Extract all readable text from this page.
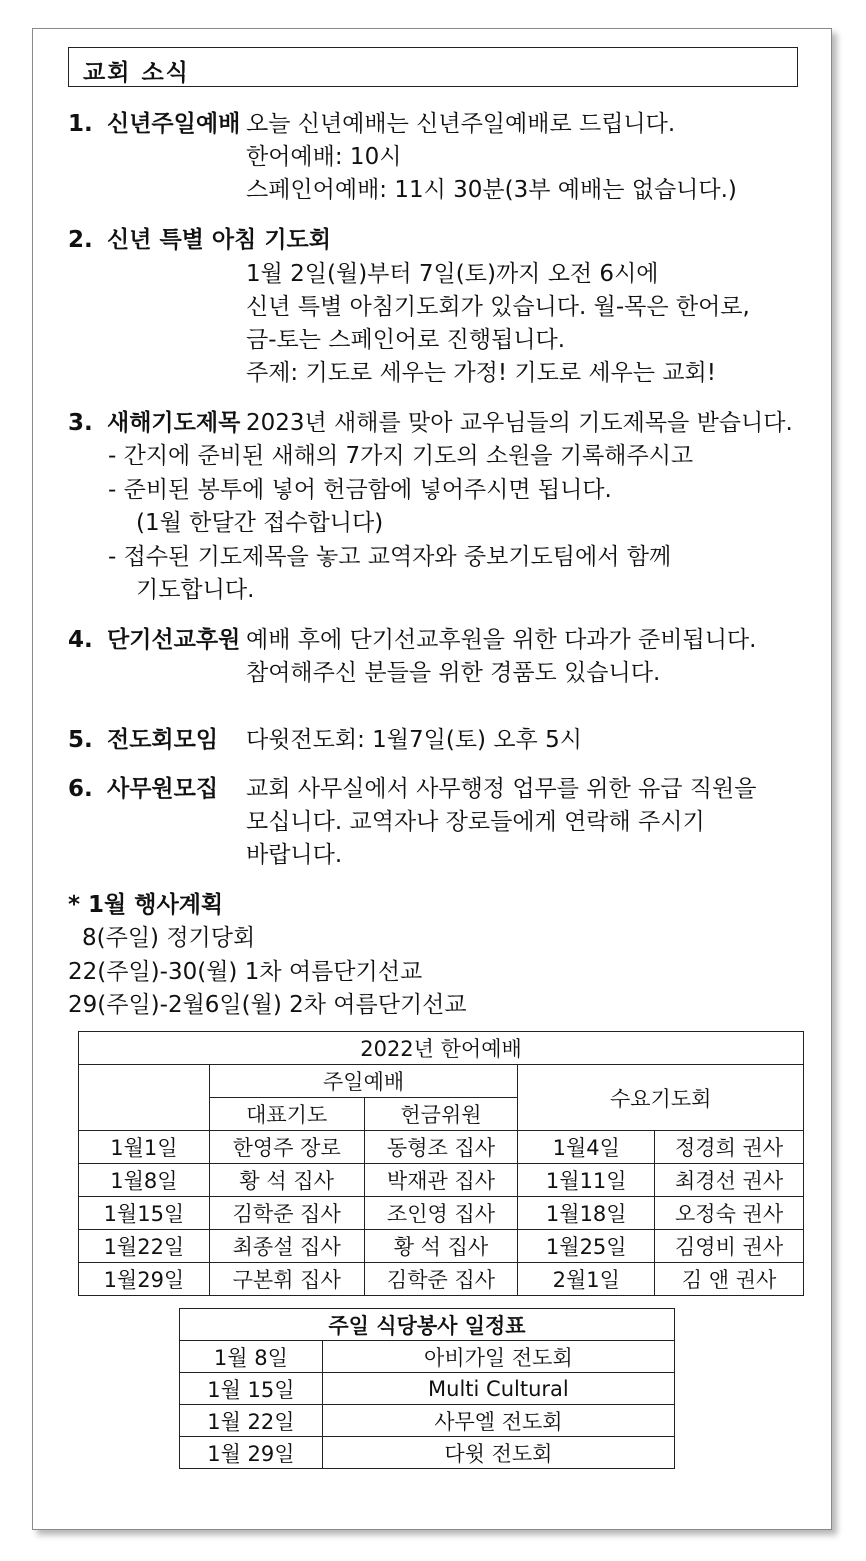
교회 소식
1. 신년주일예배 오늘 신년예배는 신년주일예배로 드립니다.
한어예배: 10시
스페인어예배: 11시 30분(3부 예배는 없습니다.)
2. 신년 특별 아침 기도회
1월 2일(월)부터 7일(토)까지 오전 6시에
신년 특별 아침기도회가 있습니다. 월-목은 한어로,
금-토는 스페인어로 진행됩니다.
주제: 기도로 세우는 가정! 기도로 세우는 교회!
3. 새해기도제목 2023년 새해를 맞아 교우님들의 기도제목을 받습니다.
- 간지에 준비된 새해의 7가지 기도의 소원을 기록해주시고
- 준비된 봉투에 넣어 헌금함에 넣어주시면 됩니다.
(1월 한달간 접수합니다)
- 접수된 기도제목을 놓고 교역자와 중보기도팀에서 함께
기도합니다.
4. 단기선교후원 예배 후에 단기선교후원을 위한 다과가 준비됩니다.
참여해주신 분들을 위한 경품도 있습니다.
5. 전도회모임 다윗전도회: 1월7일(토) 오후 5시
6. 사무원모집 교회 사무실에서 사무행정 업무를 위한 유급 직원을
모십니다. 교역자나 장로들에게 연락해 주시기
바랍니다.
* 1월 행사계획
8(주일) 정기당회
22(주일)-30(월) 1차 여름단기선교
29(주일)-2월6일(월) 2차 여름단기선교
2022년 한어예배				
	주일예배		수요기도회	
	대표기도	헌금위원		
1월1일	한영주 장로	동형조 집사	1월4일	정경희 권사
1월8일	황 석 집사	박재관 집사	1월11일	최경선 권사
1월15일	김학준 집사	조인영 집사	1월18일	오정숙 권사
1월22일	최종설 집사	황 석 집사	1월25일	김영비 권사
1월29일	구본휘 집사	김학준 집사	2월1일	김 앤 권사
주일 식당봉사 일정표	
1월 8일	아비가일 전도회
1월 15일	Multi Cultural
1월 22일	사무엘 전도회
1월 29일	다윗 전도회
